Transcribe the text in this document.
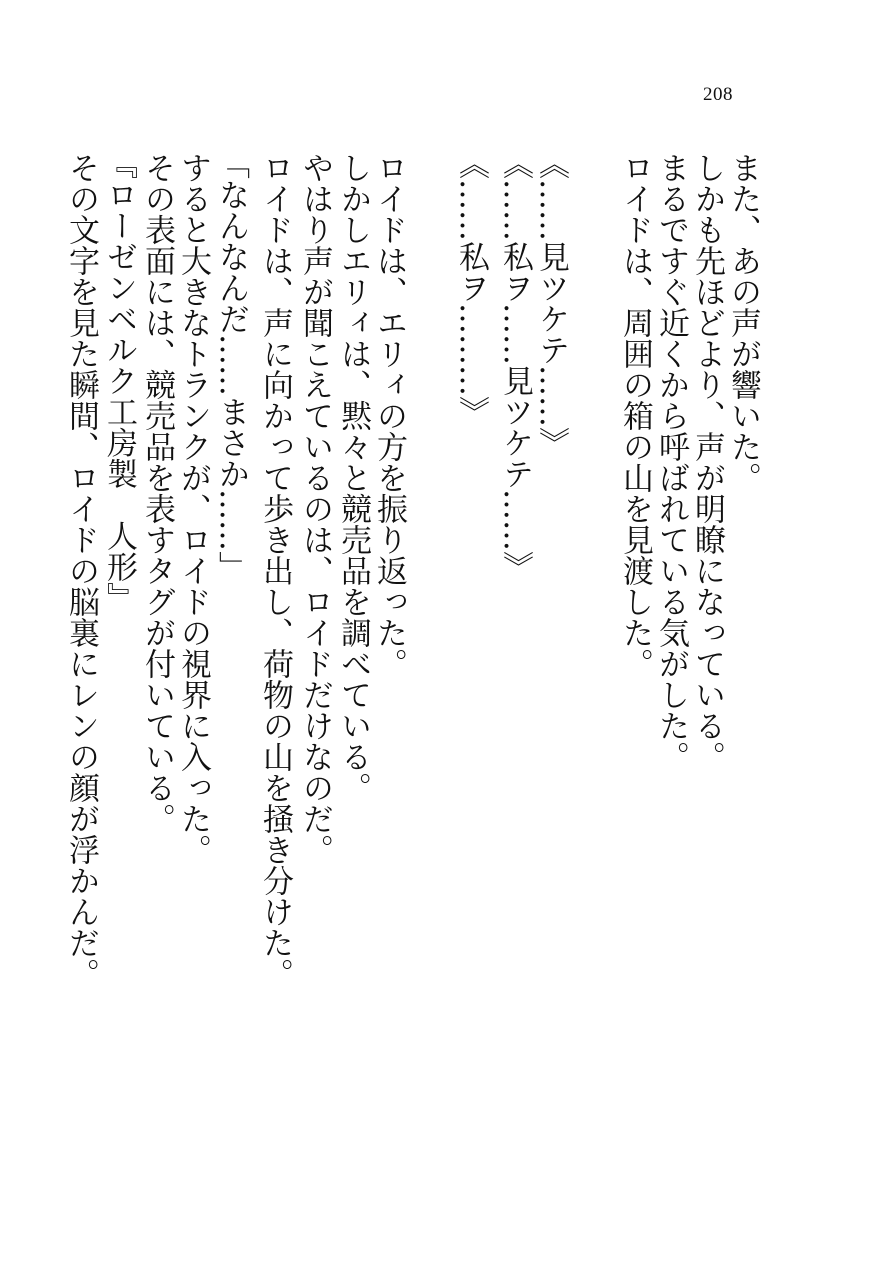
208
また、あの声が響いた。
しかも先ほどより、声が明瞭になっている。
まるですぐ近くから呼ばれている気がした。
ロイドは、周囲の箱の山を見渡した。
《……見ツケテ……》
《……私ヲ……見ツケテ……》
《……私ヲ………》
ロイドは、エリィの方を振り返った。
しかしエリィは、黙々と競売品を調べている。
やはり声が聞こえているのは、ロイドだけなのだ。
ロイドは、声に向かって歩き出し、荷物の山を掻き分けた。
「なんなんだ……まさか……」
すると大きなトランクが、ロイドの視界に入った。
その表面には、競売品を表すタグが付いている。
『ローゼンベルク工房製　人形』
その文字を見た瞬間、ロイドの脳裏にレンの顔が浮かんだ。
